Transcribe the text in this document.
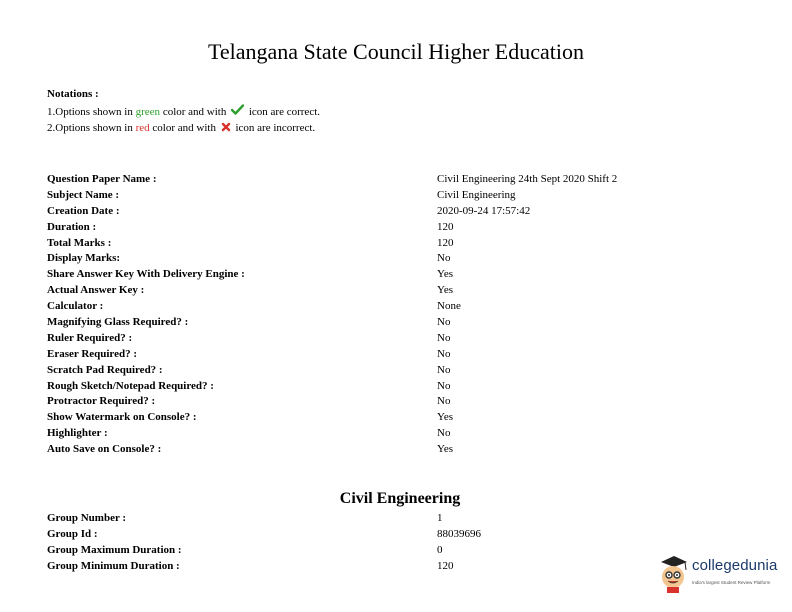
Telangana State Council Higher Education
Notations :
1.Options shown in green color and with  icon are correct.
2.Options shown in red color and with  icon are incorrect.
Question Paper Name :	Civil Engineering 24th Sept 2020 Shift 2
Subject Name :	Civil Engineering
Creation Date :	2020-09-24 17:57:42
Duration :	120
Total Marks :	120
Display Marks:	No
Share Answer Key With Delivery Engine :	Yes
Actual Answer Key :	Yes
Calculator :	None
Magnifying Glass Required? :	No
Ruler Required? :	No
Eraser Required? :	No
Scratch Pad Required? :	No
Rough Sketch/Notepad Required? :	No
Protractor Required? :	No
Show Watermark on Console? :	Yes
Highlighter :	No
Auto Save on Console? :	Yes
Civil Engineering
Group Number :	1
Group Id :	88039696
Group Maximum Duration :	0
Group Minimum Duration :	120	collegedunia
India's largest Student Review Platform
